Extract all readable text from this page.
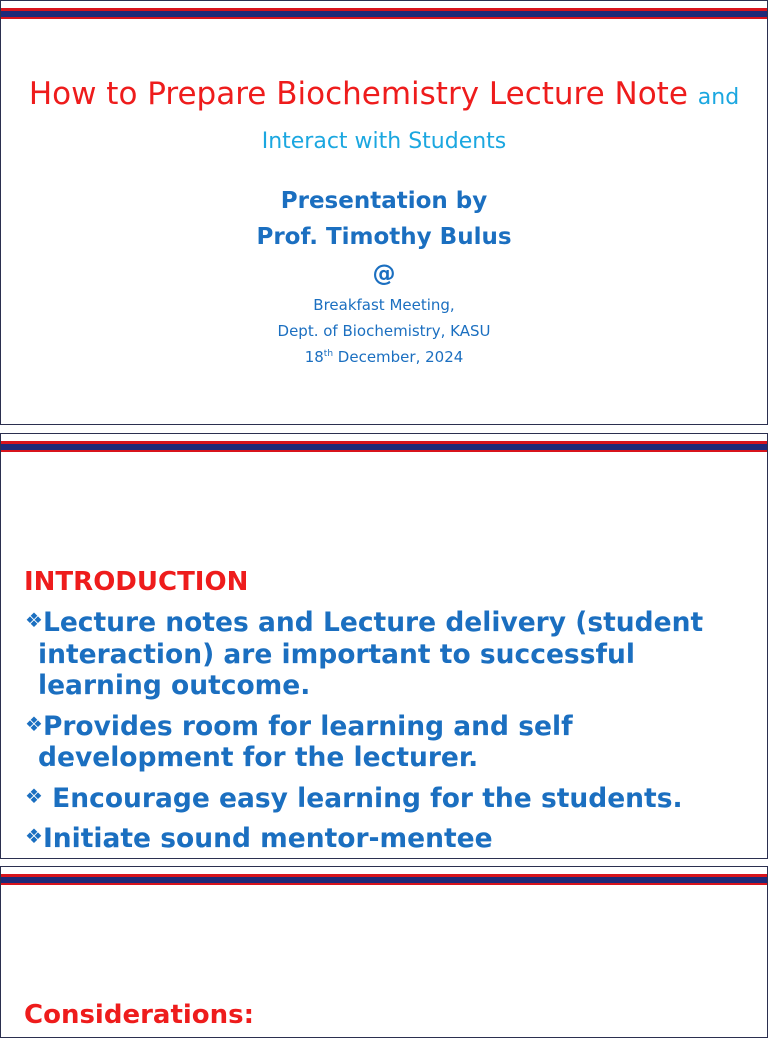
How to Prepare Biochemistry Lecture Note and Interact with Students
Presentation by
Prof. Timothy Bulus
@
Breakfast Meeting,
Dept. of Biochemistry, KASU
18th December, 2024
INTRODUCTION
❖Lecture notes and Lecture delivery (student interaction) are important to successful learning outcome.
❖Provides room for learning and self development for the lecturer.
❖ Encourage easy learning for the students.
❖Initiate sound mentor-mentee
Considerations:
